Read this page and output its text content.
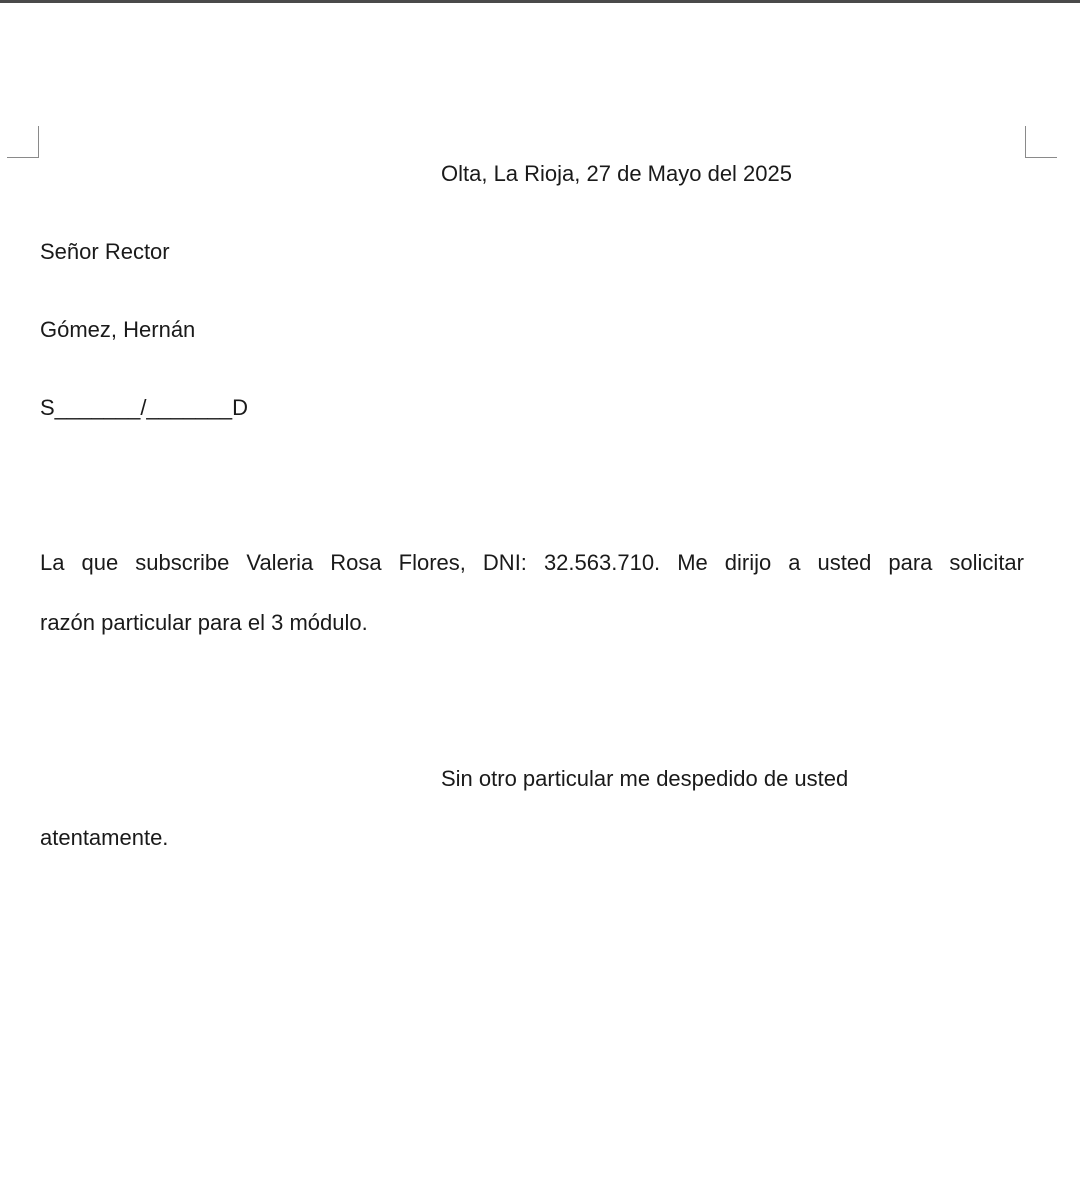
Olta, La Rioja, 27 de Mayo del 2025

Señor Rector

Gómez, Hernán

S_______/_______D

La que subscribe Valeria Rosa Flores, DNI: 32.563.710. Me dirijo a usted para solicitar

razón particular para el 3 módulo.

Sin otro particular me despedido de usted

atentamente.
